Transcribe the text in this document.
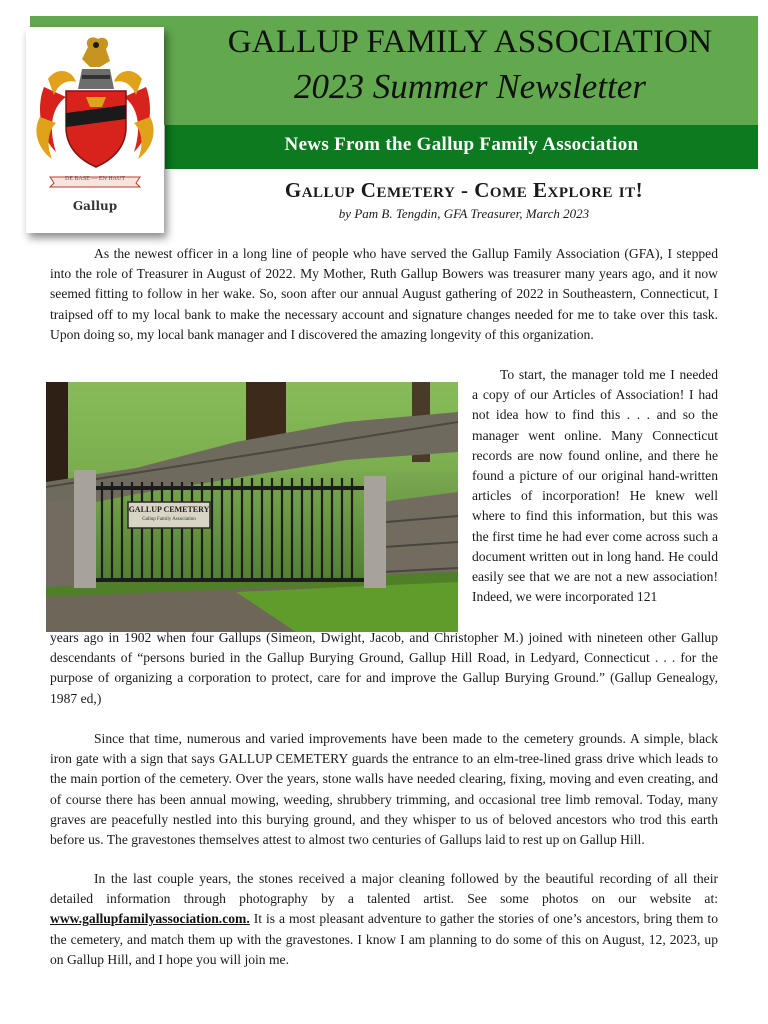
GALLUP FAMILY ASSOCIATION
2023 Summer Newsletter
News From the Gallup Family Association
DE BASE — EN HAUT
Gallup
Gallup Cemetery - Come Explore it!
by Pam B. Tengdin, GFA Treasurer, March 2023

As the newest officer in a long line of people who have served the Gallup Family Association (GFA), I stepped into the role of Treasurer in August of 2022. My Mother, Ruth Gallup Bowers was treasurer many years ago, and it now seemed fitting to follow in her wake. So, soon after our annual August gathering of 2022 in Southeastern, Connecticut, I traipsed off to my local bank to make the necessary account and signature changes needed for me to take over this task. Upon doing so, my local bank manager and I discovered the amazing longevity of this organization.

GALLUP CEMETERY
Gallup Family Association

To start, the manager told me I needed a copy of our Articles of Association! I had not idea how to find this . . . and so the manager went online. Many Connecticut records are now found online, and there he found a picture of our original hand-written articles of incorporation! He knew well where to find this information, but this was the first time he had ever come across such a document written out in long hand. He could easily see that we are not a new association! Indeed, we were incorporated 121

years ago in 1902 when four Gallups (Simeon, Dwight, Jacob, and Christopher M.) joined with nineteen other Gallup descendants of “persons buried in the Gallup Burying Ground, Gallup Hill Road, in Ledyard, Connecticut . . . for the purpose of organizing a corporation to protect, care for and improve the Gallup Burying Ground.” (Gallup Genealogy, 1987 ed,)

Since that time, numerous and varied improvements have been made to the cemetery grounds. A simple, black iron gate with a sign that says GALLUP CEMETERY guards the entrance to an elm-tree-lined grass drive which leads to the main portion of the cemetery. Over the years, stone walls have needed clearing, fixing, moving and even creating, and of course there has been annual mowing, weeding, shrubbery trimming, and occasional tree limb removal. Today, many graves are peacefully nestled into this burying ground, and they whisper to us of beloved ancestors who trod this earth before us. The gravestones themselves attest to almost two centuries of Gallups laid to rest up on Gallup Hill.

In the last couple years, the stones received a major cleaning followed by the beautiful recording of all their detailed information through photography by a talented artist. See some photos on our website at: www.gallupfamilyassociation.com. It is a most pleasant adventure to gather the stories of one’s ancestors, bring them to the cemetery, and match them up with the gravestones. I know I am planning to do some of this on August, 12, 2023, up on Gallup Hill, and I hope you will join me.
